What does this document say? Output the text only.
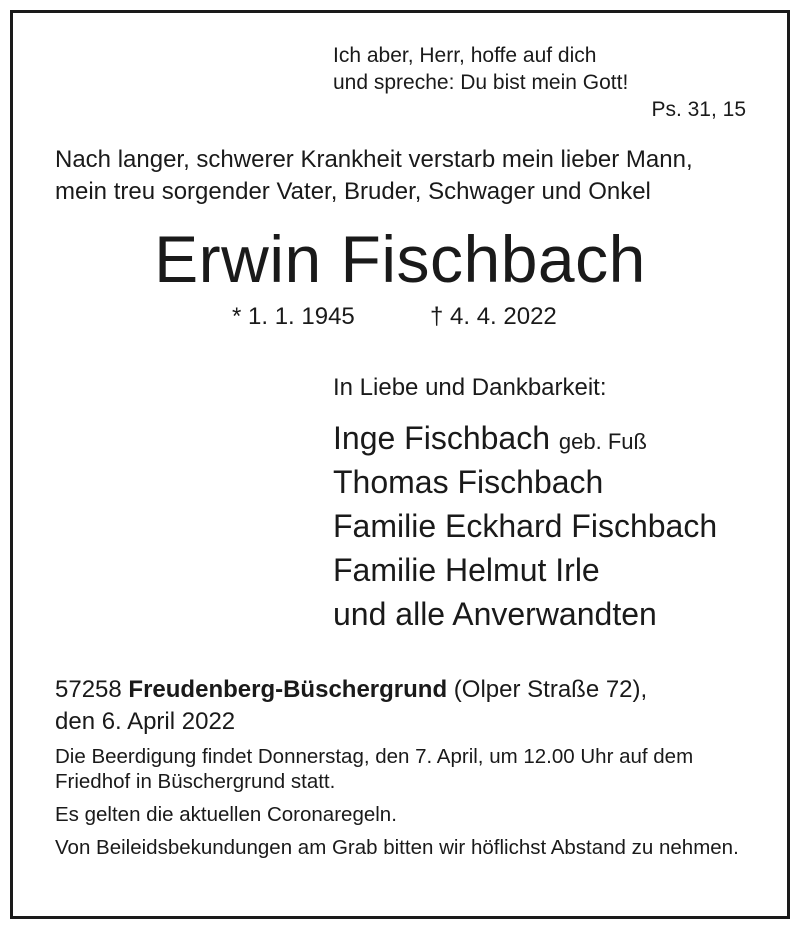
Ich aber, Herr, hoffe auf dich
und spreche: Du bist mein Gott!
Ps. 31, 15
Nach langer, schwerer Krankheit verstarb mein lieber Mann,
mein treu sorgender Vater, Bruder, Schwager und Onkel
Erwin Fischbach
* 1. 1. 1945	† 4. 4. 2022
In Liebe und Dankbarkeit:
Inge Fischbach geb. Fuß
Thomas Fischbach
Familie Eckhard Fischbach
Familie Helmut Irle
und alle Anverwandten
57258 Freudenberg-Büschergrund (Olper Straße 72),
den 6. April 2022

Die Beerdigung findet Donnerstag, den 7. April, um 12.00 Uhr auf dem Friedhof in Büschergrund statt.

Es gelten die aktuellen Coronaregeln.

Von Beileidsbekundungen am Grab bitten wir höflichst Abstand zu nehmen.
